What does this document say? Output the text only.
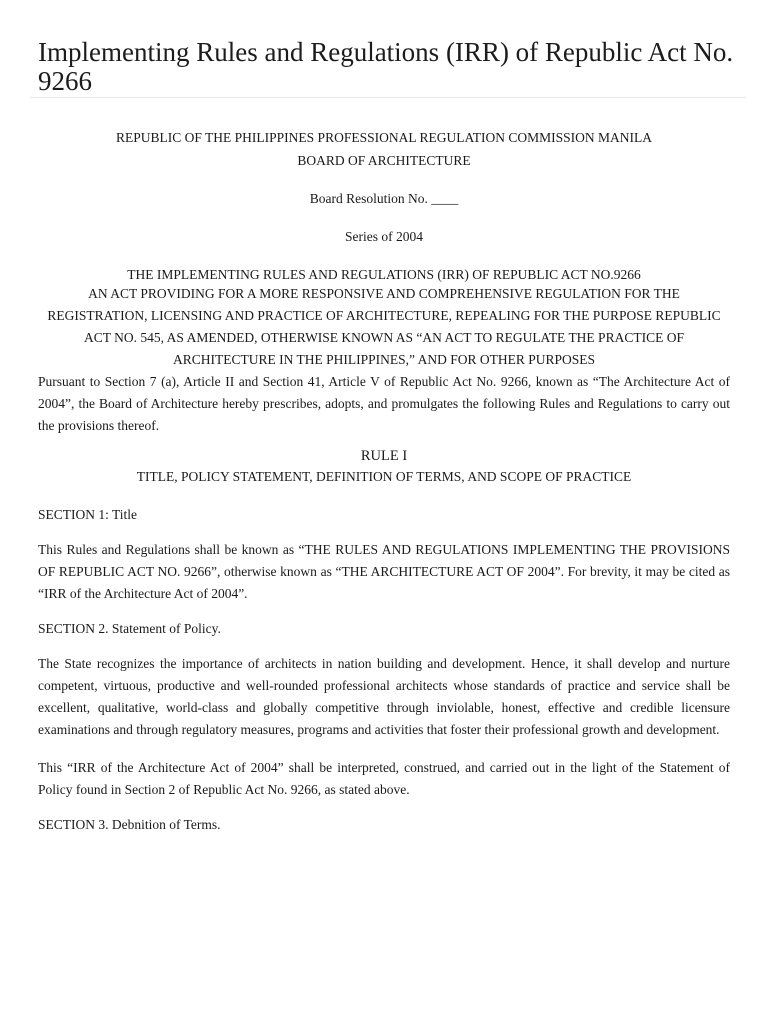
Implementing Rules and Regulations (IRR) of Republic Act No. 9266

REPUBLIC OF THE PHILIPPINES PROFESSIONAL REGULATION COMMISSION MANILA

BOARD OF ARCHITECTURE

Board Resolution No. ____

Series of 2004

THE IMPLEMENTING RULES AND REGULATIONS (IRR) OF REPUBLIC ACT NO.9266

AN ACT PROVIDING FOR A MORE RESPONSIVE AND COMPREHENSIVE REGULATION FOR THE REGISTRATION, LICENSING AND PRACTICE OF ARCHITECTURE, REPEALING FOR THE PURPOSE REPUBLIC ACT NO. 545, AS AMENDED, OTHERWISE KNOWN AS “AN ACT TO REGULATE THE PRACTICE OF ARCHITECTURE IN THE PHILIPPINES,” AND FOR OTHER PURPOSES

Pursuant to Section 7 (a), Article II and Section 41, Article V of Republic Act No. 9266, known as “The Architecture Act of 2004”, the Board of Architecture hereby prescribes, adopts, and promulgates the following Rules and Regulations to carry out the provisions thereof.

RULE I

TITLE, POLICY STATEMENT, DEFINITION OF TERMS, AND SCOPE OF PRACTICE

SECTION 1: Title

This Rules and Regulations shall be known as “THE RULES AND REGULATIONS IMPLEMENTING THE PROVISIONS OF REPUBLIC ACT NO. 9266”, otherwise known as “THE ARCHITECTURE ACT OF 2004”. For brevity, it may be cited as “IRR of the Architecture Act of 2004”.

SECTION 2. Statement of Policy.

The State recognizes the importance of architects in nation building and development. Hence, it shall develop and nurture competent, virtuous, productive and well-rounded professional architects whose standards of practice and service shall be excellent, qualitative, world-class and globally competitive through inviolable, honest, effective and credible licensure examinations and through regulatory measures, programs and activities that foster their professional growth and development.

This “IRR of the Architecture Act of 2004” shall be interpreted, construed, and carried out in the light of the Statement of Policy found in Section 2 of Republic Act No. 9266, as stated above.

SECTION 3. Debnition of Terms.
